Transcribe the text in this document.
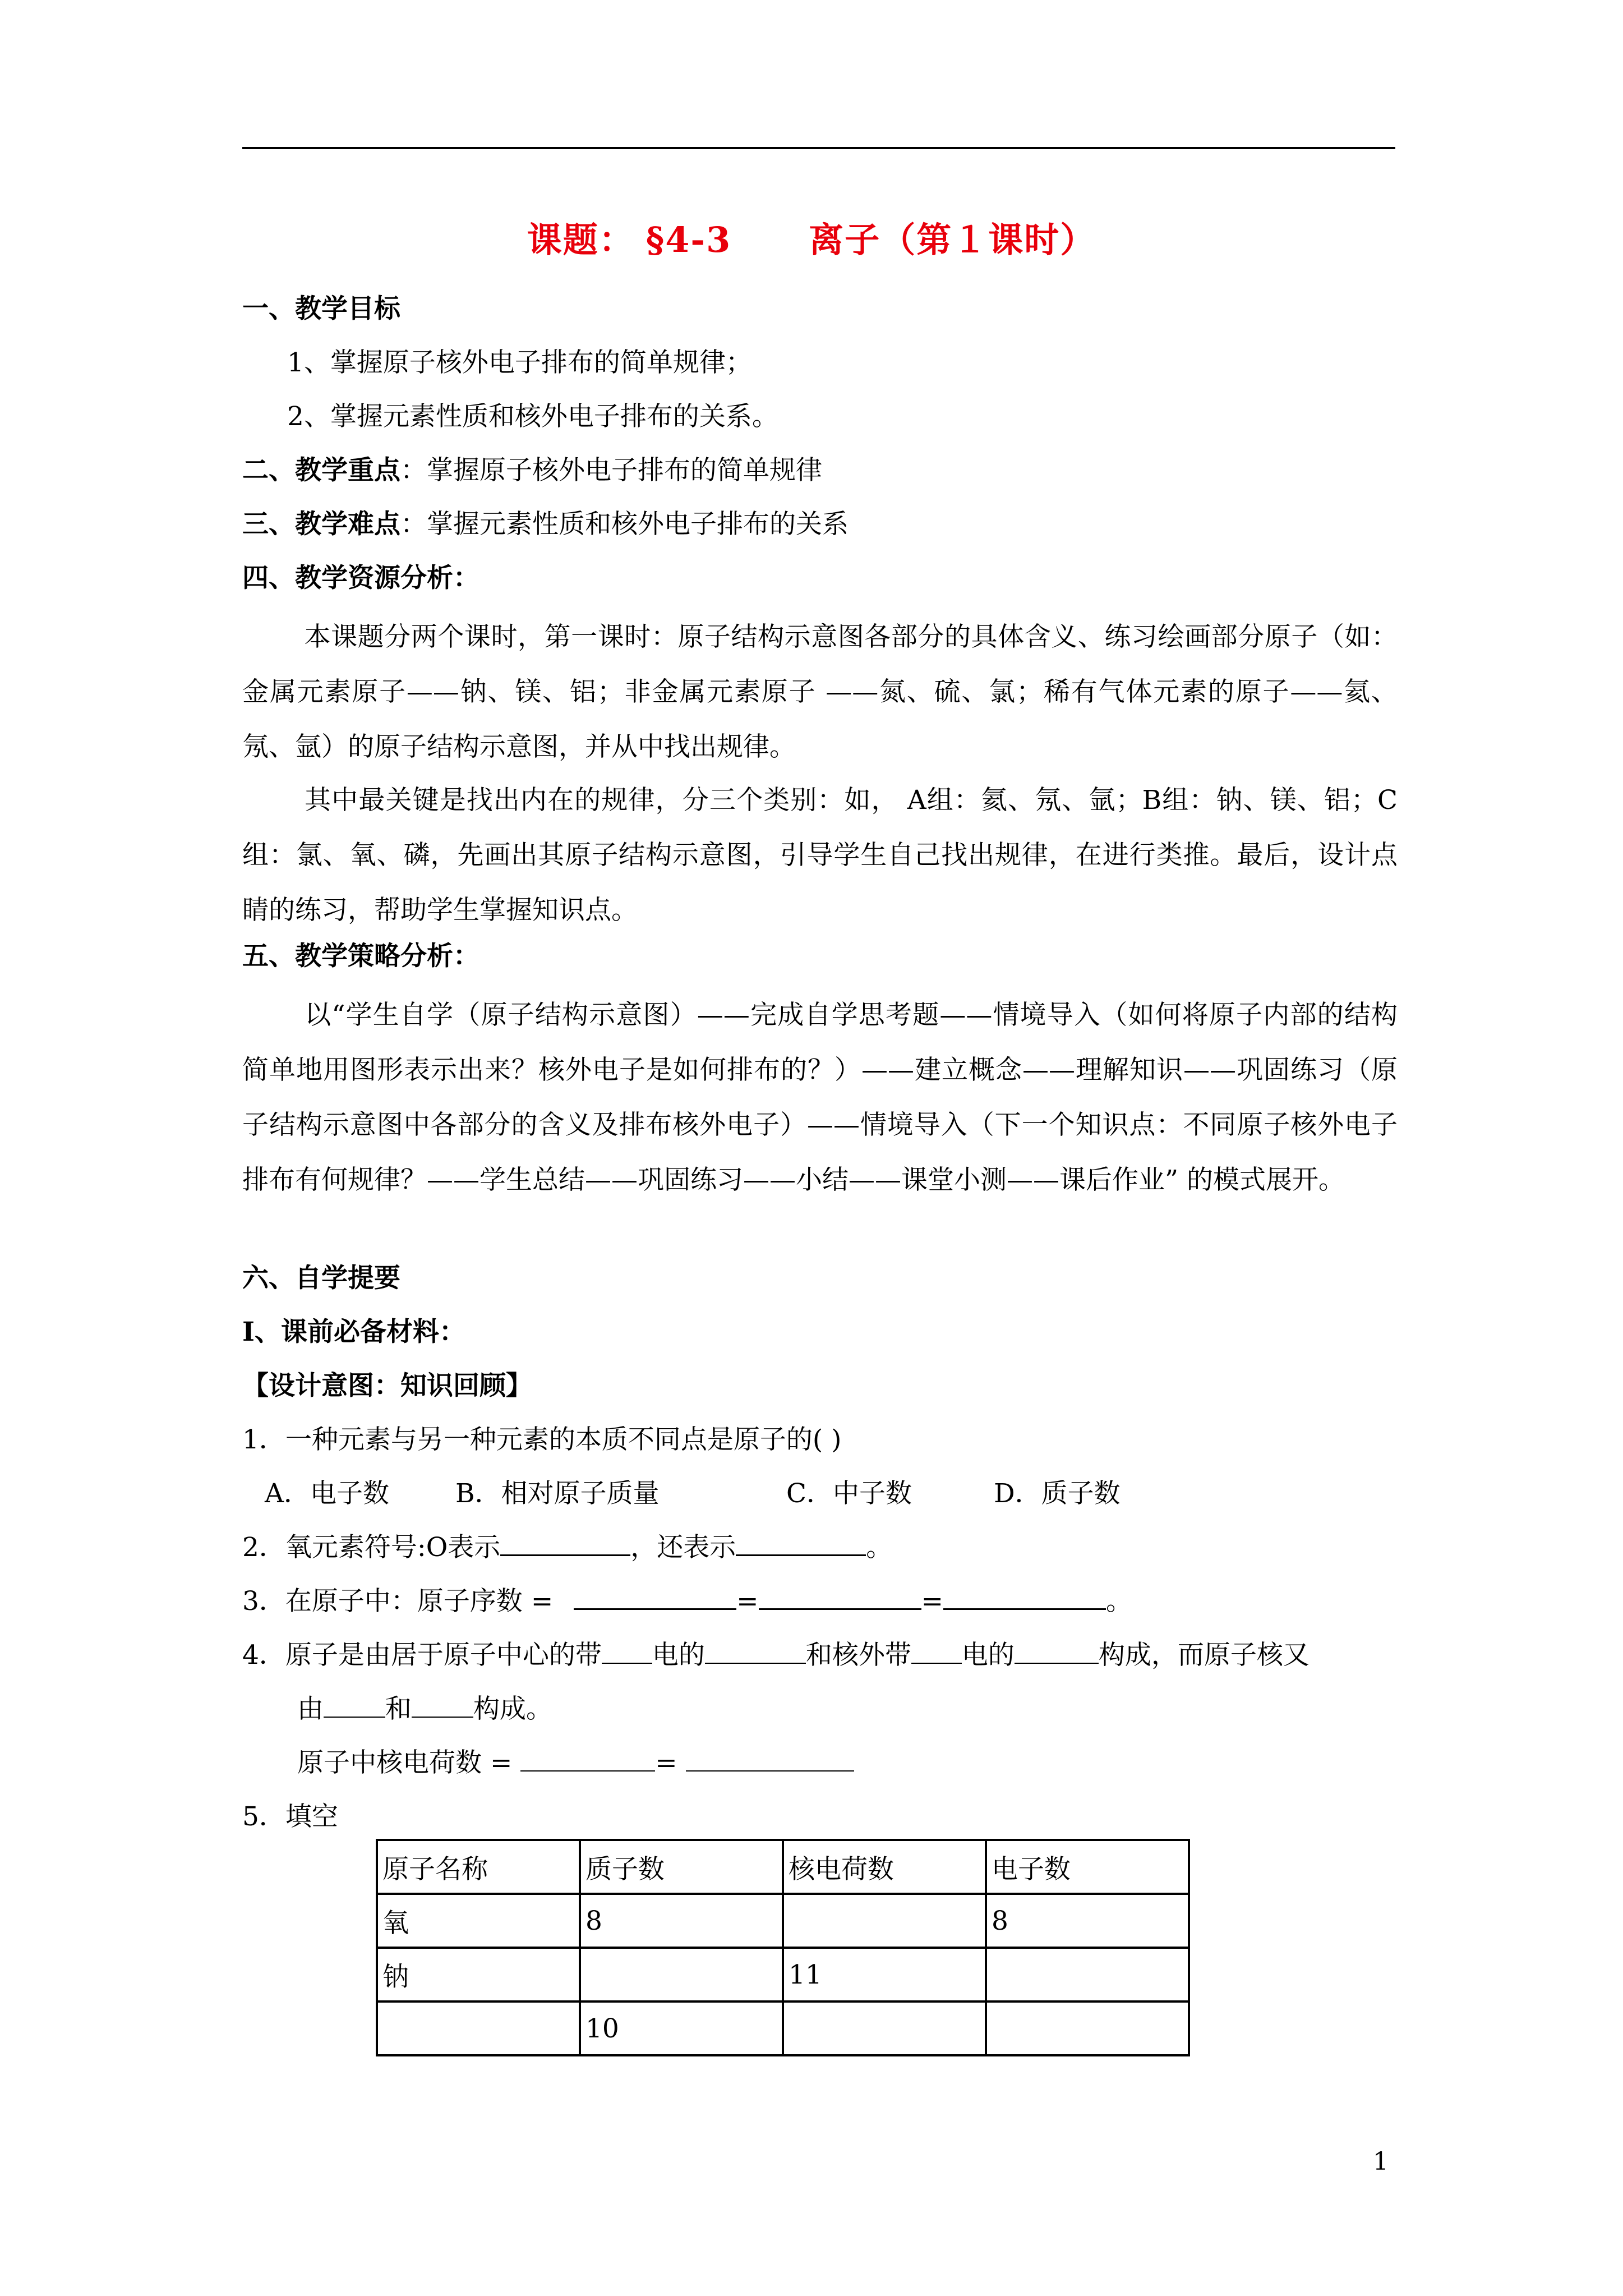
课题： §4-3 离子（第１课时）
一、教学目标
1、掌握原子核外电子排布的简单规律；
2、掌握元素性质和核外电子排布的关系。
二、教学重点：掌握原子核外电子排布的简单规律
三、教学难点：掌握元素性质和核外电子排布的关系
四、教学资源分析：
本课题分两个课时，第一课时：原子结构示意图各部分的具体含义、练习绘画部分原子（如：金属元素原子——钠、镁、铝；非金属元素原子 ——氮、硫、氯；稀有气体元素的原子——氦、氖、氩）的原子结构示意图，并从中找出规律。
其中最关键是找出内在的规律，分三个类别：如， A组：氦、氖、氩；B组：钠、镁、铝；C组：氯、氧、磷，先画出其原子结构示意图，引导学生自己找出规律，在进行类推。最后，设计点睛的练习，帮助学生掌握知识点。
五、教学策略分析：
以“学生自学（原子结构示意图）——完成自学思考题——情境导入（如何将原子内部的结构简单地用图形表示出来？核外电子是如何排布的？）——建立概念——理解知识——巩固练习（原子结构示意图中各部分的含义及排布核外电子）——情境导入（下一个知识点：不同原子核外电子排布有何规律？——学生总结——巩固练习——小结——课堂小测——课后作业” 的模式展开。
六、自学提要
Ⅰ、课前必备材料：
【设计意图：知识回顾】
1．一种元素与另一种元素的本质不同点是原子的( )
A．电子数	B．相对原子质量	C．中子数	D．质子数
2．氧元素符号:O表示	，还表示	。
3．在原子中：原子序数 =	=	=	。
4．原子是由居于原子中心的带 电的	和核外带 电的	构成，而原子核又
由 和 构成。
原子中核电荷数 =	=
5．填空
原子名称	质子数	核电荷数	电子数
氧	8		8
钠		11	
	10		
1
